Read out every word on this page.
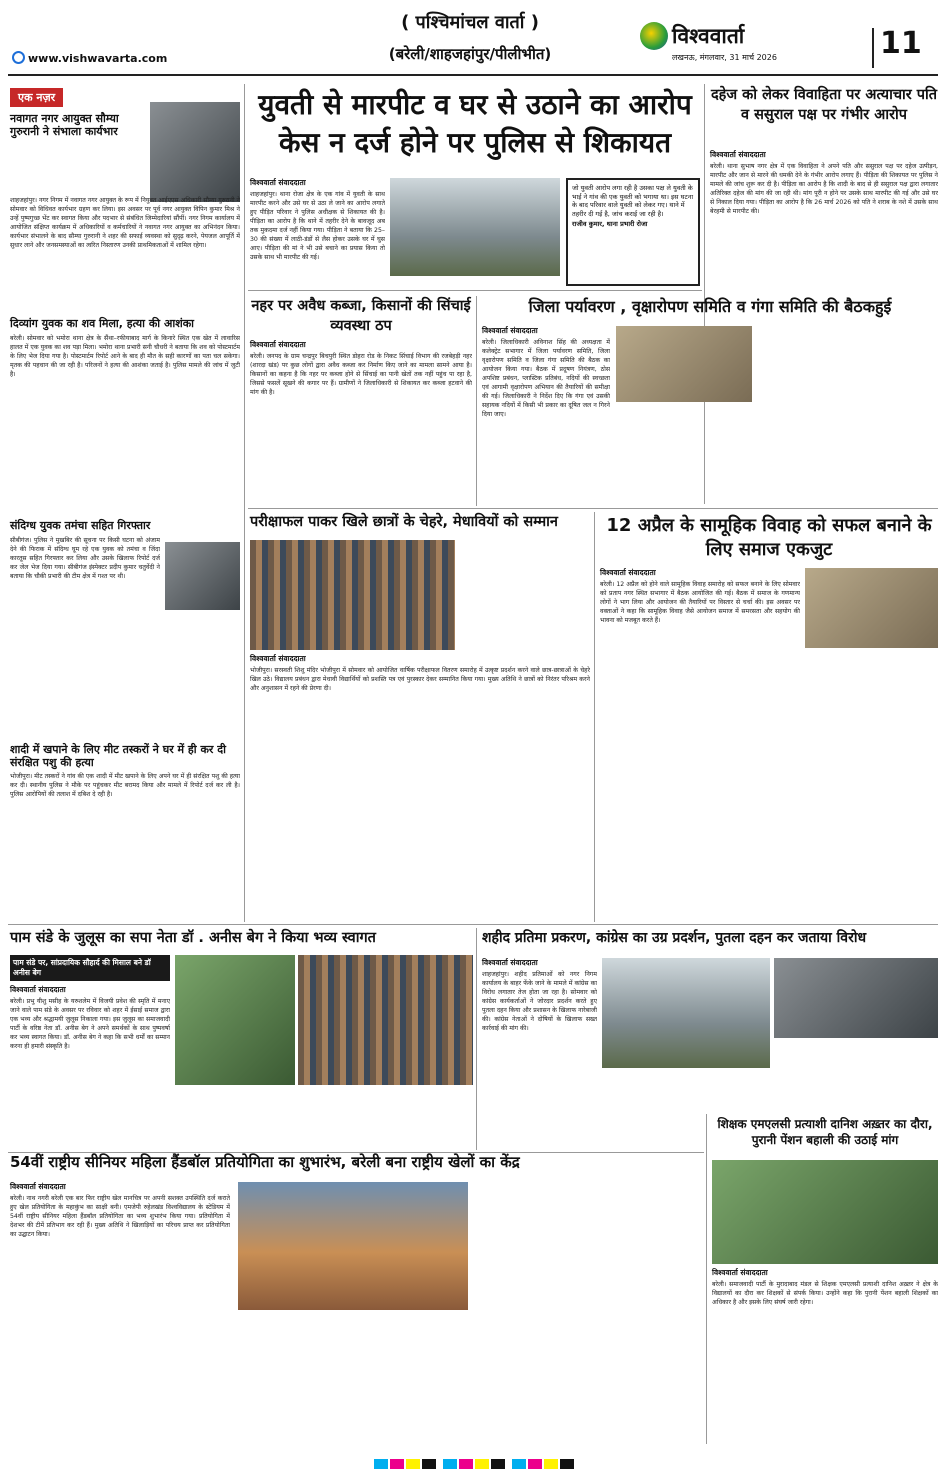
www.vishwavarta.com
( पश्चिमांचल वार्ता )
(बरेली/शाहजहांपुर/पीलीभीत)
विश्ववार्ता
लखनऊ, मंगलवार, 31 मार्च 2026	11
एक नज़र
नवागत नगर आयुक्त सौम्या गुरुरानी ने संभाला कार्यभार
शाहजहांपुर। नगर निगम में नवागत नगर आयुक्त के रूप में नियुक्त आईएएस अधिकारी सौम्या गुरुरानी ने सोमवार को विधिवत कार्यभार ग्रहण कर लिया। इस अवसर पर पूर्व नगर आयुक्त विपिन कुमार मिश्र ने उन्हें पुष्पगुच्छ भेंट कर स्वागत किया और पदभार से संबंधित जिम्मेदारियां सौंपीं। नगर निगम कार्यालय में आयोजित संक्षिप्त कार्यक्रम में अधिकारियों व कर्मचारियों ने नवागत नगर आयुक्त का अभिनंदन किया। कार्यभार संभालने के बाद सौम्या गुरुरानी ने शहर की सफाई व्यवस्था को सुदृढ़ करने, पेयजल आपूर्ति में सुधार लाने और जनसमस्याओं का त्वरित निस्तारण उनकी प्राथमिकताओं में शामिल रहेगा।
दिव्यांग युवक का शव मिला, हत्या की आशंका
बरेली। सोमवार को भमोरा थाना क्षेत्र के सैंथा–रफीयाबाद मार्ग के किनारे स्थित एक खेत में लावारिस हालत में एक युवक का शव पड़ा मिला। भमोरा थाना प्रभारी सनी चौधरी ने बताया कि शव को पोस्टमार्टम के लिए भेज दिया गया है। पोस्टमार्टम रिपोर्ट आने के बाद ही मौत के सही कारणों का पता चल सकेगा। मृतक की पहचान की जा रही है। परिजनों ने हत्या की आशंका जताई है। पुलिस मामले की जांच में जुटी है।
संदिग्ध युवक तमंचा सहित गिरफ्तार
सीबीगंज। पुलिस ने मुखबिर की सूचना पर किसी घटना को अंजाम देने की फिराक में संदिग्ध घूम रहे एक युवक को तमंचा व जिंदा कारतूस सहित गिरफ्तार कर लिया और उसके खिलाफ रिपोर्ट दर्ज कर जेल भेज दिया गया। सीबीगंज इंस्पेक्टर प्रदीप कुमार चतुर्वेदी ने बताया कि चौकी प्रभारी की टीम क्षेत्र में गश्त पर थी।
शादी में खपाने के लिए मीट तस्करों ने घर में ही कर दी संरक्षित पशु की हत्या
भोजीपुरा। मीट तस्करों ने गांव की एक शादी में मीट खपाने के लिए अपने घर में ही संरक्षित पशु की हत्या कर दी। स्थानीय पुलिस ने मौके पर पहुंचकर मीट बरामद किया और मामले में रिपोर्ट दर्ज कर ली है। पुलिस आरोपियों की तलाश में दबिश दे रही है।
युवती से मारपीट व घर से उठाने का आरोप केस न दर्ज होने पर पुलिस से शिकायत
विश्ववार्ता संवाददाता
शाहजहांपुर। थाना रोजा क्षेत्र के एक गांव में युवती के साथ मारपीट करने और उसे घर से उठा ले जाने का आरोप लगाते हुए पीड़ित परिवार ने पुलिस अधीक्षक से शिकायत की है। पीड़िता का आरोप है कि थाने में तहरीर देने के बावजूद अब तक मुकदमा दर्ज नहीं किया गया। पीड़िता ने बताया कि 25–30 की संख्या में लाठी-डंडों से लैस होकर उसके घर में घुस आए। पीड़िता की मां ने भी उसे बचाने का प्रयास किया तो उसके साथ भी मारपीट की गई।
जो युवती आरोप लगा रही है उसका पक्ष ले युवती के भाई ने गांव की एक युवती को भगाया था। इस घटना के बाद परिवार वाले युवती को लेकर गए। थाने में तहरीर दी गई है, जांच कराई जा रही है।
राजीव कुमार, थाना प्रभारी रोजा
दहेज को लेकर विवाहिता पर अत्याचार पति व ससुराल पक्ष पर गंभीर आरोप
विश्ववार्ता संवाददाता
बरेली। थाना सुभाष नगर क्षेत्र में एक विवाहिता ने अपने पति और ससुराल पक्ष पर दहेज उत्पीड़न, मारपीट और जान से मारने की धमकी देने के गंभीर आरोप लगाए हैं। पीड़िता की शिकायत पर पुलिस ने मामले की जांच शुरू कर दी है। पीड़िता का आरोप है कि शादी के बाद से ही ससुराल पक्ष द्वारा लगातार अतिरिक्त दहेज की मांग की जा रही थी। मांग पूरी न होने पर उसके साथ मारपीट की गई और उसे घर से निकाल दिया गया। पीड़िता का आरोप है कि 26 मार्च 2026 को पति ने शराब के नशे में उसके साथ बेरहमी से मारपीट की।
नहर पर अवैध कब्जा, किसानों की सिंचाई व्यवस्था ठप
विश्ववार्ता संवाददाता
बरेली। जनपद के ग्राम चन्द्रपुर बिचपुरी स्थित डोहरा रोड के निकट सिंचाई विभाग की रजबेहड़ी नहर (शारदा खंड) पर कुछ लोगों द्वारा अवैध कब्जा कर निर्माण किए जाने का मामला सामने आया है। किसानों का कहना है कि नहर पर कब्जा होने से सिंचाई का पानी खेतों तक नहीं पहुंच पा रहा है, जिससे फसलें सूखने की कगार पर हैं। ग्रामीणों ने जिलाधिकारी से शिकायत कर कब्जा हटवाने की मांग की है।
जिला पर्यावरण , वृक्षारोपण समिति व गंगा समिति की बैठकहुई
विश्ववार्ता संवाददाता
बरेली। जिलाधिकारी अविनाश सिंह की अध्यक्षता में कलेक्ट्रेट सभागार में जिला पर्यावरण समिति, जिला वृक्षारोपण समिति व जिला गंगा समिति की बैठक का आयोजन किया गया। बैठक में प्रदूषण नियंत्रण, ठोस अपशिष्ट प्रबंधन, प्लास्टिक प्रतिबंध, नदियों की स्वच्छता एवं आगामी वृक्षारोपण अभियान की तैयारियों की समीक्षा की गई। जिलाधिकारी ने निर्देश दिए कि गंगा एवं उसकी सहायक नदियों में किसी भी प्रकार का दूषित जल न गिरने दिया जाए।
परीक्षाफल पाकर खिले छात्रों के चेहरे, मेधावियों को सम्मान
विश्ववार्ता संवाददाता
भोजीपुरा। सरस्वती शिशु मंदिर भोजीपुरा में सोमवार को आयोजित वार्षिक परीक्षाफल वितरण समारोह में उत्कृष्ट प्रदर्शन करने वाले छात्र-छात्राओं के चेहरे खिल उठे। विद्यालय प्रबंधन द्वारा मेधावी विद्यार्थियों को प्रशस्ति पत्र एवं पुरस्कार देकर सम्मानित किया गया। मुख्य अतिथि ने छात्रों को निरंतर परिश्रम करने और अनुशासन में रहने की प्रेरणा दी।
12 अप्रैल के सामूहिक विवाह को सफल बनाने के लिए समाज एकजुट
विश्ववार्ता संवाददाता
बरेली। 12 अप्रैल को होने वाले सामूहिक विवाह समारोह को सफल बनाने के लिए सोमवार को प्रताप नगर स्थित सभागार में बैठक आयोजित की गई। बैठक में समाज के गणमान्य लोगों ने भाग लिया और आयोजन की तैयारियों पर विस्तार से चर्चा की। इस अवसर पर वक्ताओं ने कहा कि सामूहिक विवाह जैसे आयोजन समाज में समरसता और सहयोग की भावना को मजबूत करते हैं।
पाम संडे के जुलूस का सपा नेता डॉ . अनीस बेग ने किया भव्य स्वागत
पाम संडे पर, सांप्रदायिक सौहार्द की मिसाल बने डॉ अनीस बेग
विश्ववार्ता संवाददाता
बरेली। प्रभु यीशु मसीह के यरुशलेम में विजयी प्रवेश की स्मृति में मनाए जाने वाले पाम संडे के अवसर पर रविवार को शहर में ईसाई समाज द्वारा एक भव्य और श्रद्धामयी जुलूस निकाला गया। इस जुलूस का समाजवादी पार्टी के वरिष्ठ नेता डॉ. अनीस बेग ने अपने समर्थकों के साथ पुष्पवर्षा कर भव्य स्वागत किया। डॉ. अनीस बेग ने कहा कि सभी धर्मों का सम्मान करना ही हमारी संस्कृति है।
शहीद प्रतिमा प्रकरण, कांग्रेस का उग्र प्रदर्शन, पुतला दहन कर जताया विरोध
विश्ववार्ता संवाददाता
शाहजहांपुर। शहीद प्रतिमाओं को नगर निगम कार्यालय के बाहर फेंके जाने के मामले में कांग्रेस का विरोध लगातार तेज होता जा रहा है। सोमवार को कांग्रेस कार्यकर्ताओं ने जोरदार प्रदर्शन करते हुए पुतला दहन किया और प्रशासन के खिलाफ नारेबाजी की। कांग्रेस नेताओं ने दोषियों के खिलाफ सख्त कार्रवाई की मांग की।
शिक्षक एमएलसी प्रत्याशी दानिश अख़्तर का दौरा, पुरानी पेंशन बहाली की उठाई मांग
विश्ववार्ता संवाददाता
बरेली। समाजवादी पार्टी के मुरादाबाद मंडल से शिक्षक एमएलसी प्रत्याशी दानिश अख़्तर ने क्षेत्र के विद्यालयों का दौरा कर शिक्षकों से संपर्क किया। उन्होंने कहा कि पुरानी पेंशन बहाली शिक्षकों का अधिकार है और इसके लिए संघर्ष जारी रहेगा।
54वीं राष्ट्रीय सीनियर महिला हैंडबॉल प्रतियोगिता का शुभारंभ, बरेली बना राष्ट्रीय खेलों का केंद्र
विश्ववार्ता संवाददाता
बरेली। नाथ नगरी बरेली एक बार फिर राष्ट्रीय खेल मानचित्र पर अपनी सशक्त उपस्थिति दर्ज कराते हुए खेल प्रतियोगिता के महाकुंभ का साक्षी बनी। एमजेपी रुहेलखंड विश्वविद्यालय के स्टेडियम में 54वीं राष्ट्रीय सीनियर महिला हैंडबॉल प्रतियोगिता का भव्य शुभारंभ किया गया। प्रतियोगिता में देशभर की टीमें प्रतिभाग कर रही हैं। मुख्य अतिथि ने खिलाड़ियों का परिचय प्राप्त कर प्रतियोगिता का उद्घाटन किया।
